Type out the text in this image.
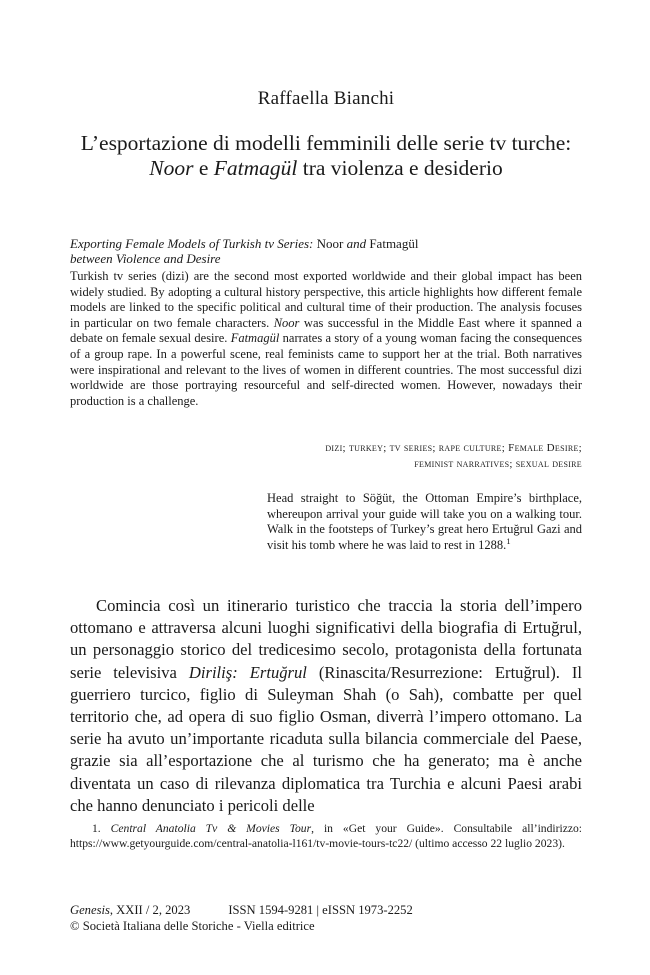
Raffaella Bianchi
L’esportazione di modelli femminili delle serie tv turche:
Noor e Fatmagül tra violenza e desiderio
Exporting Female Models of Turkish tv Series: Noor and Fatmagül
between Violence and Desire
Turkish tv series (dizi) are the second most exported worldwide and their global impact has been widely studied. By adopting a cultural history perspective, this article highlights how different female models are linked to the specific political and cultural time of their production. The analysis focuses in particular on two female characters. Noor was successful in the Middle East where it spanned a debate on female sexual desire. Fatmagül narrates a story of a young woman facing the consequences of a group rape. In a powerful scene, real feminists came to support her at the trial. Both narratives were inspirational and relevant to the lives of women in different countries. The most successful dizi worldwide are those portraying resourceful and self-directed women. However, nowadays their production is a challenge.
dizi; turkey; tv series; rape culture; Female Desire;
feminist narratives; sexual desire
Head straight to Söğüt, the Ottoman Empire’s birthplace, whereupon arrival your guide will take you on a walking tour. Walk in the footsteps of Turkey’s great hero Ertuğrul Gazi and visit his tomb where he was laid to rest in 1288.$^1$

Comincia così un itinerario turistico che traccia la storia dell’impero ottomano e attraversa alcuni luoghi significativi della biografia di Ertuğrul, un personaggio storico del tredicesimo secolo, protagonista della fortunata serie televisiva Diriliş: Ertuğrul (Rinascita/Resurrezione: Ertuğrul). Il guerriero turcico, figlio di Suleyman Shah (o Sah), combatte per quel territorio che, ad opera di suo figlio Osman, diverrà l’impero ottomano. La serie ha avuto un’importante ricaduta sulla bilancia commerciale del Paese, grazie sia all’esportazione che al turismo che ha generato; ma è anche diventata un caso di rilevanza diplomatica tra Turchia e alcuni Paesi arabi che hanno denunciato i pericoli delle

1. Central Anatolia Tv & Movies Tour, in «Get your Guide». Consultabile all’indirizzo: https://www.getyourguide.com/central-anatolia-l161/tv-movie-tours-tc22/ (ultimo accesso 22 luglio 2023).

Genesis, XXII / 2, 2023	ISSN 1594-9281 | eISSN 1973-2252
© Società Italiana delle Storiche - Viella editrice
